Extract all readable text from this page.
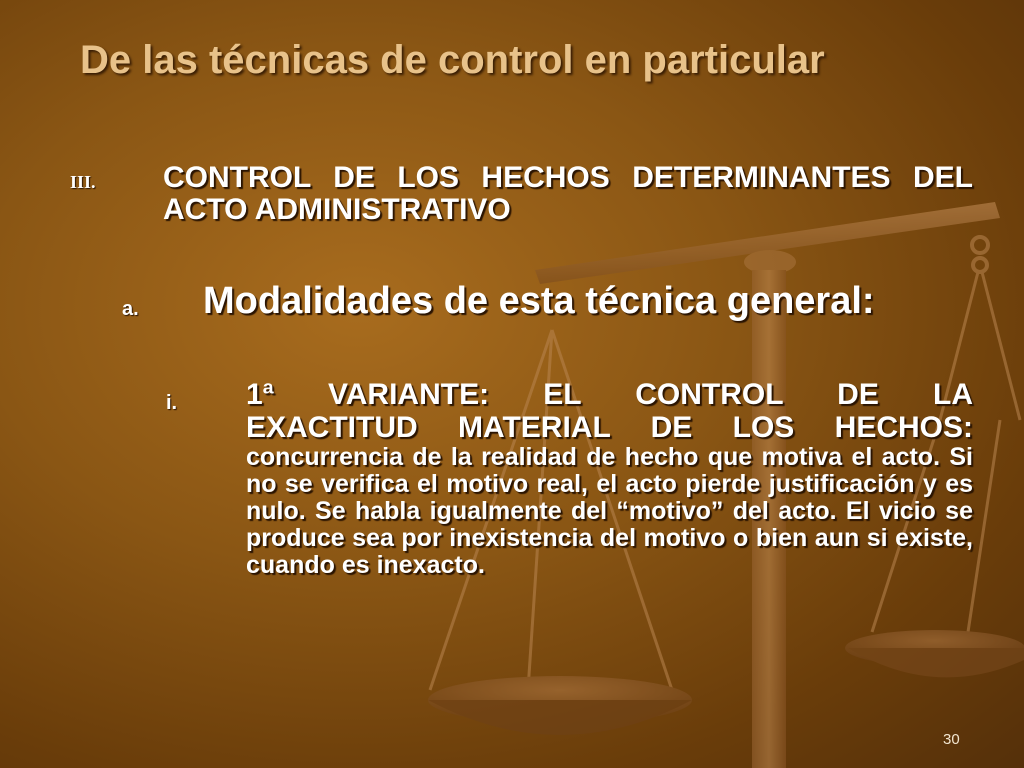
De las técnicas de control en particular
III. CONTROL DE LOS HECHOS DETERMINANTES DEL ACTO ADMINISTRATIVO
a. Modalidades de esta técnica general:
i. 1ª VARIANTE: EL CONTROL DE LA
EXACTITUD MATERIAL DE LOS HECHOS:
concurrencia de la realidad de hecho que motiva el acto. Si no se verifica el motivo real, el acto pierde justificación y es nulo. Se habla igualmente del “motivo” del acto. El vicio se produce sea por inexistencia del motivo o bien aun si existe, cuando es inexacto.
30
